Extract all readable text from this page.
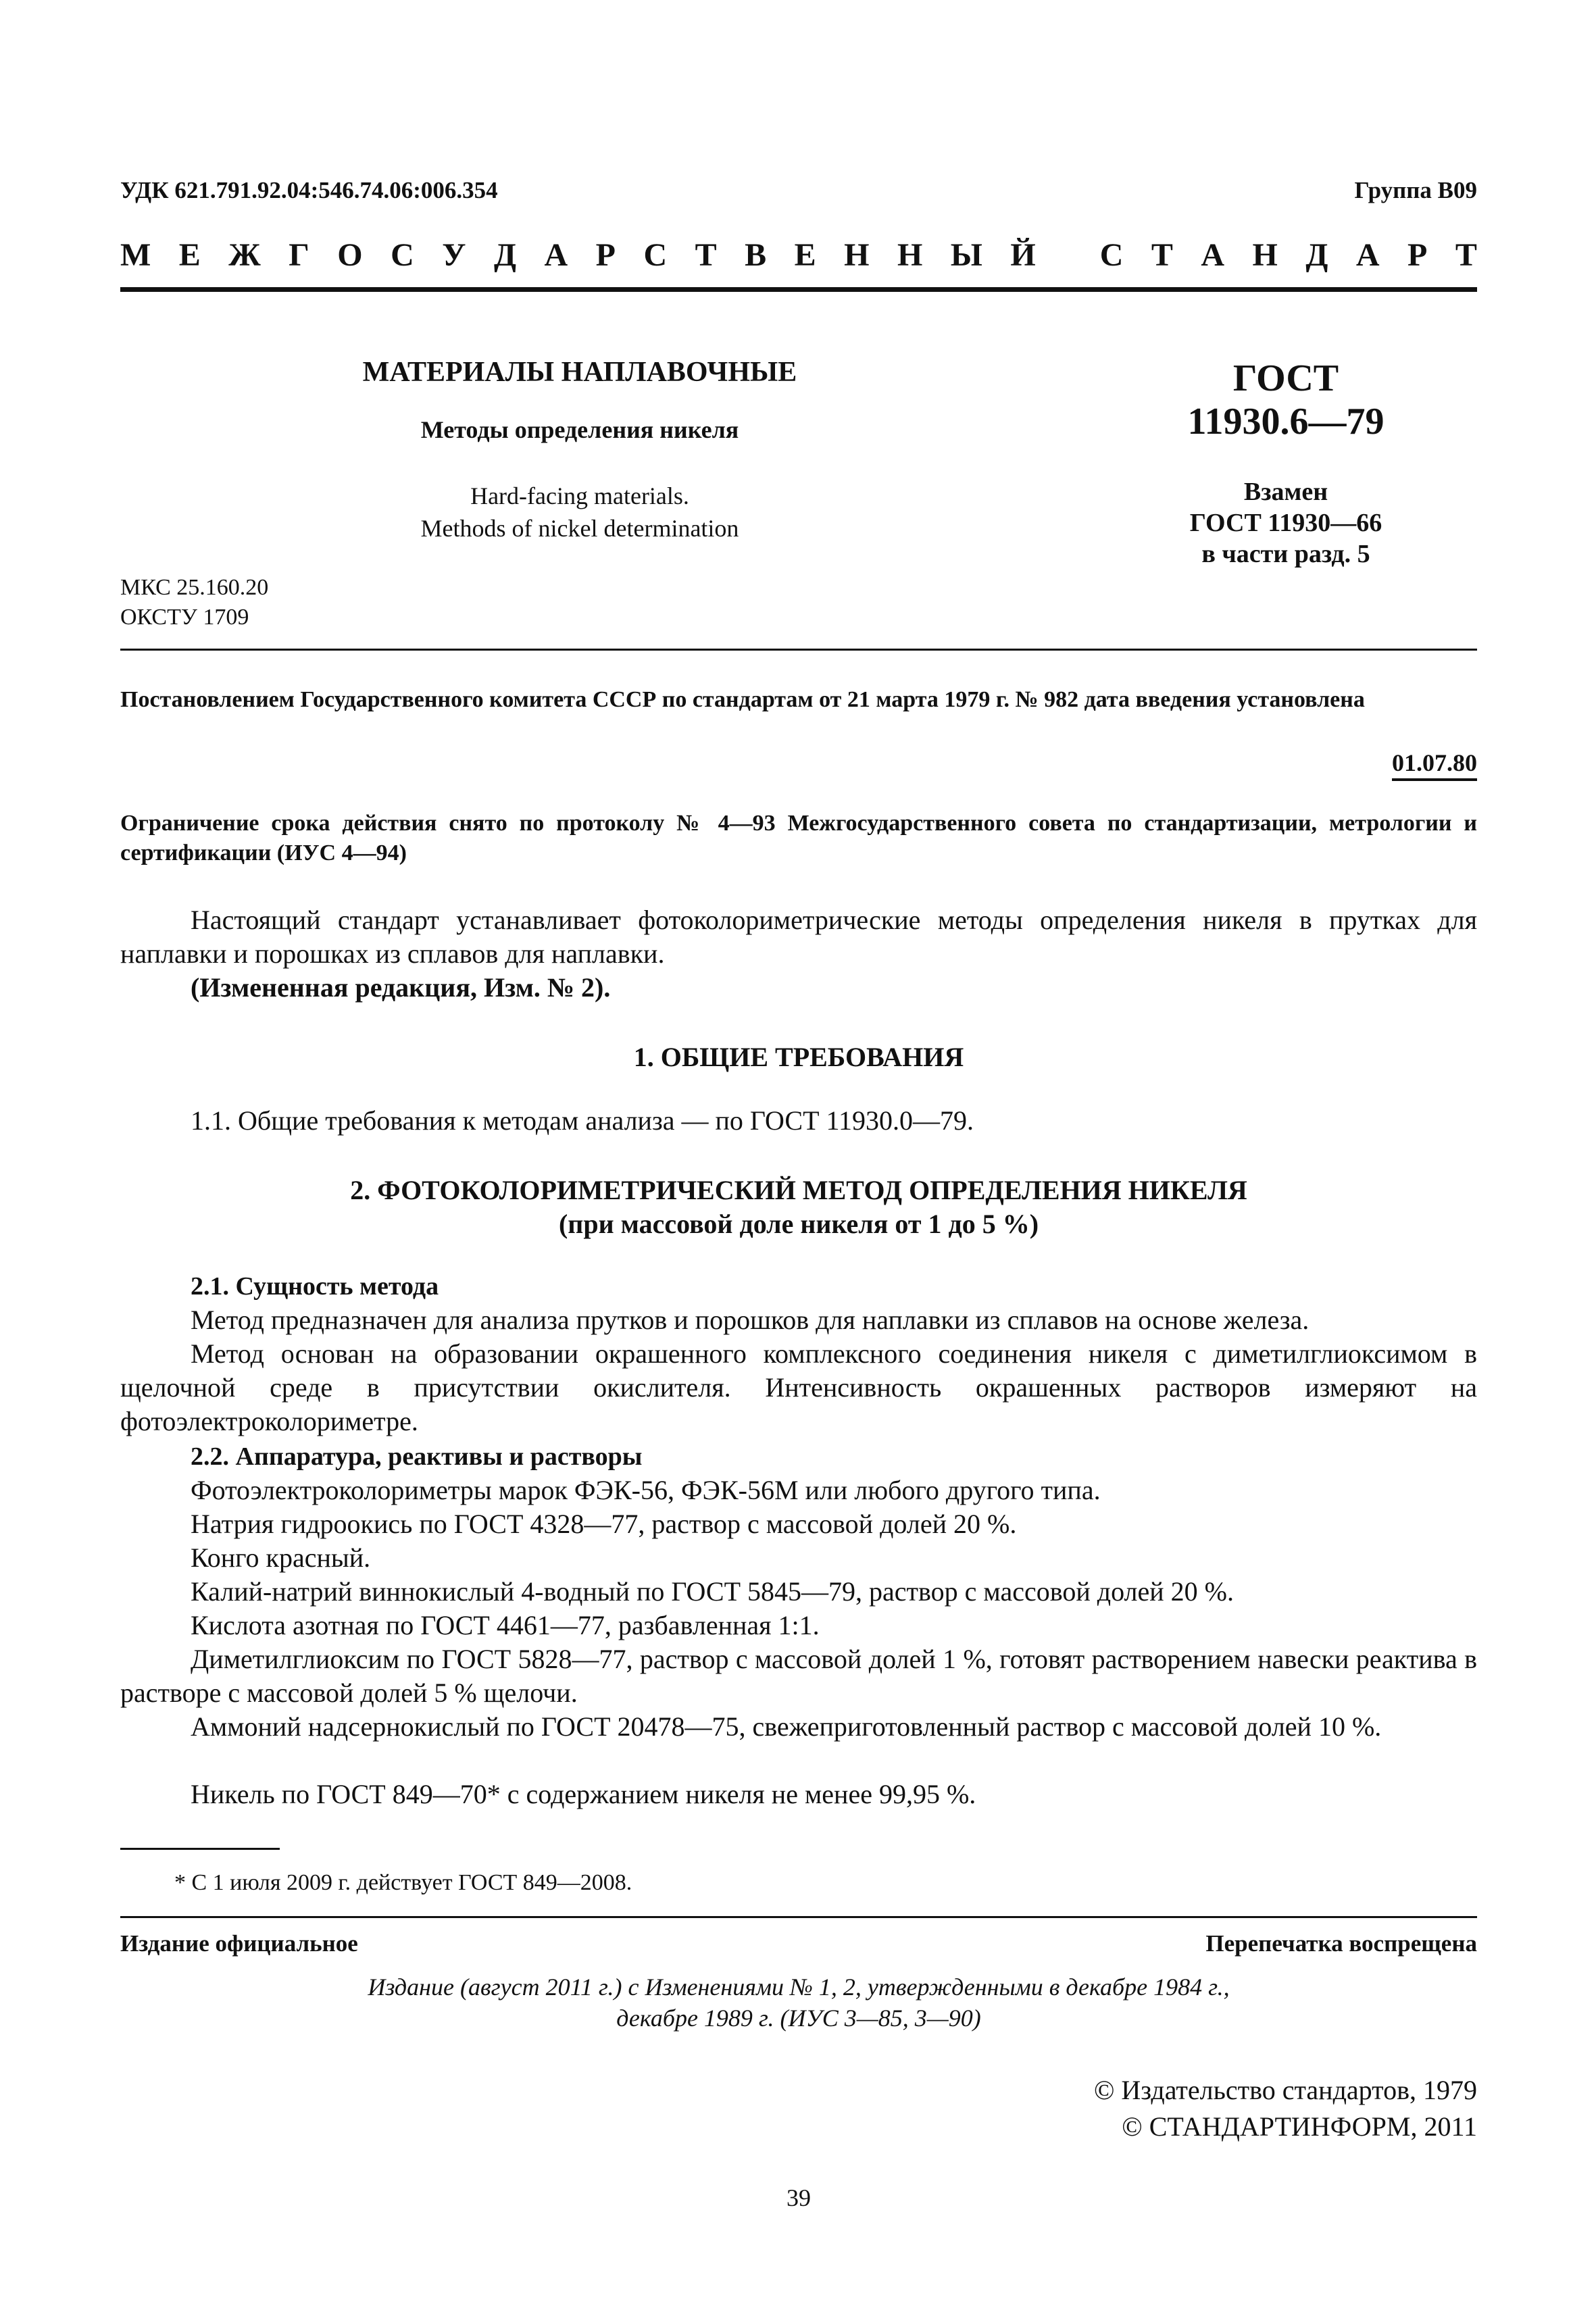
УДК 621.791.92.04:546.74.06:006.354	Группа В09
М Е Ж Г О С У Д А Р С Т В Е Н Н Ы Й
С Т А Н Д А Р Т
МАТЕРИАЛЫ НАПЛАВОЧНЫЕ
Методы определения никеля
Hard-facing materials.
Methods of nickel determination
ГОСТ
11930.6—79
Взамен
ГОСТ 11930—66
в части разд. 5
МКС 25.160.20
ОКСТУ 1709
Постановлением Государственного комитета СССР по стандартам от 21 марта 1979 г. № 982 дата введения установлена
01.07.80
Ограничение срока действия снято по протоколу № 4—93 Межгосударственного совета по стандартизации, метрологии и сертификации (ИУС 4—94)
Настоящий стандарт устанавливает фотоколориметрические методы определения никеля в прутках для наплавки и порошках из сплавов для наплавки.
(Измененная редакция, Изм. № 2).
1. ОБЩИЕ ТРЕБОВАНИЯ
1.1. Общие требования к методам анализа — по ГОСТ 11930.0—79.
2. ФОТОКОЛОРИМЕТРИЧЕСКИЙ МЕТОД ОПРЕДЕЛЕНИЯ НИКЕЛЯ
(при массовой доле никеля от 1 до 5 %)
2.1. Сущность метода
Метод предназначен для анализа прутков и порошков для наплавки из сплавов на основе железа.
Метод основан на образовании окрашенного комплексного соединения никеля с диметилглиоксимом в щелочной среде в присутствии окислителя. Интенсивность окрашенных растворов измеряют на фотоэлектроколориметре.
2.2. Аппаратура, реактивы и растворы
Фотоэлектроколориметры марок ФЭК-56, ФЭК-56М или любого другого типа.
Натрия гидроокись по ГОСТ 4328—77, раствор с массовой долей 20 %.
Конго красный.
Калий-натрий виннокислый 4-водный по ГОСТ 5845—79, раствор с массовой долей 20 %.
Кислота азотная по ГОСТ 4461—77, разбавленная 1:1.
Диметилглиоксим по ГОСТ 5828—77, раствор с массовой долей 1 %, готовят растворением навески реактива в растворе с массовой долей 5 % щелочи.
Аммоний надсернокислый по ГОСТ 20478—75, свежеприготовленный раствор с массовой долей 10 %.
Никель по ГОСТ 849—70* с содержанием никеля не менее 99,95 %.
* С 1 июля 2009 г. действует ГОСТ 849—2008.
Издание официальное	Перепечатка воспрещена
Издание (август 2011 г.) с Изменениями № 1, 2, утвержденными в декабре 1984 г.,
декабре 1989 г. (ИУС 3—85, 3—90)
© Издательство стандартов, 1979
© СТАНДАРТИНФОРМ, 2011
39
